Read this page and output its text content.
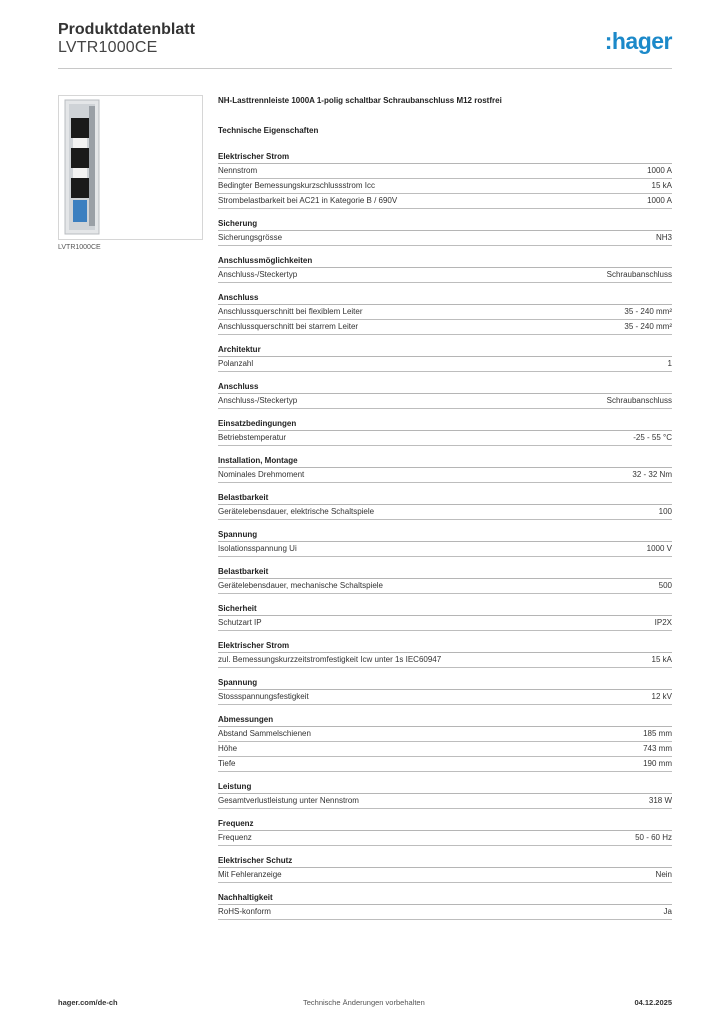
Produktdatenblatt
LVTR1000CE	:hager
LVTR1000CE
NH-Lasttrennleiste 1000A 1-polig schaltbar Schraubanschluss M12 rostfrei
Technische Eigenschaften
Elektrischer Strom
Nennstrom	1000 A
Bedingter Bemessungskurzschlussstrom Icc	15 kA
Strombelastbarkeit bei AC21 in Kategorie B / 690V	1000 A
Sicherung
Sicherungsgrösse	NH3
Anschlussmöglichkeiten
Anschluss-/Steckertyp	Schraubanschluss
Anschluss
Anschlussquerschnitt bei flexiblem Leiter	35 - 240 mm²
Anschlussquerschnitt bei starrem Leiter	35 - 240 mm²
Architektur
Polanzahl	1
Anschluss
Anschluss-/Steckertyp	Schraubanschluss
Einsatzbedingungen
Betriebstemperatur	-25 - 55 °C
Installation, Montage
Nominales Drehmoment	32 - 32 Nm
Belastbarkeit
Gerätelebensdauer, elektrische Schaltspiele	100
Spannung
Isolationsspannung Ui	1000 V
Belastbarkeit
Gerätelebensdauer, mechanische Schaltspiele	500
Sicherheit
Schutzart IP	IP2X
Elektrischer Strom
zul. Bemessungskurzzeitstromfestigkeit Icw unter 1s IEC60947	15 kA
Spannung
Stossspannungsfestigkeit	12 kV
Abmessungen
Abstand Sammelschienen	185 mm
Höhe	743 mm
Tiefe	190 mm
Leistung
Gesamtverlustleistung unter Nennstrom	318 W
Frequenz
Frequenz	50 - 60 Hz
Elektrischer Schutz
Mit Fehleranzeige	Nein
Nachhaltigkeit
RoHS-konform	Ja
hager.com/de-ch	Technische Änderungen vorbehalten	04.12.2025
